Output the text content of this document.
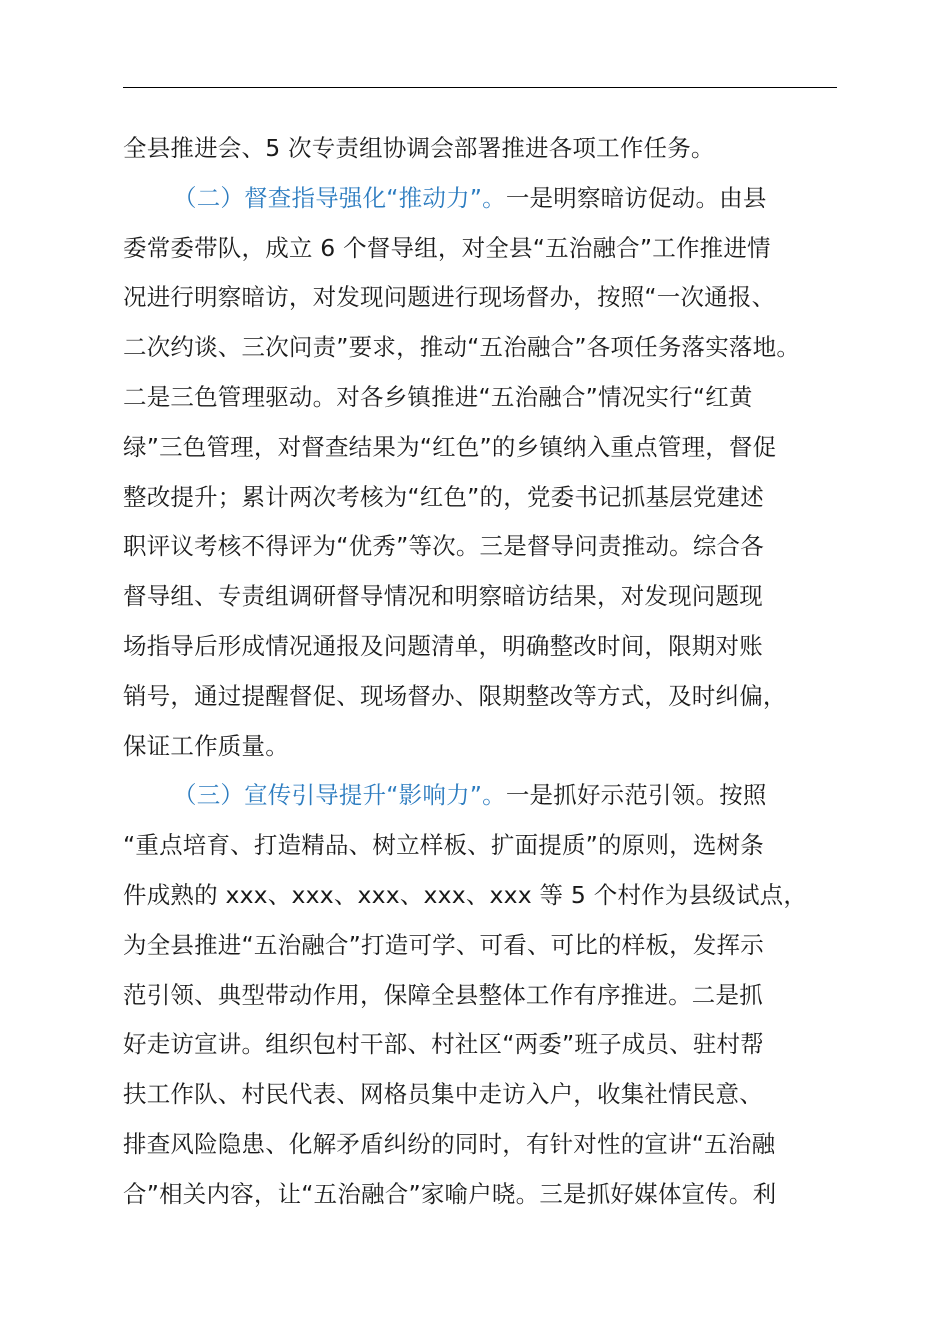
全县推进会、5 次专责组协调会部署推进各项工作任务。
（二）督查指导强化“推动力”。一是明察暗访促动。由县
委常委带队，成立 6 个督导组，对全县“五治融合”工作推进情
况进行明察暗访，对发现问题进行现场督办，按照“一次通报、
二次约谈、三次问责”要求，推动“五治融合”各项任务落实落地。
二是三色管理驱动。对各乡镇推进“五治融合”情况实行“红黄
绿”三色管理，对督查结果为“红色”的乡镇纳入重点管理，督促
整改提升；累计两次考核为“红色”的，党委书记抓基层党建述
职评议考核不得评为“优秀”等次。三是督导问责推动。综合各
督导组、专责组调研督导情况和明察暗访结果，对发现问题现
场指导后形成情况通报及问题清单，明确整改时间，限期对账
销号，通过提醒督促、现场督办、限期整改等方式，及时纠偏，
保证工作质量。
（三）宣传引导提升“影响力”。一是抓好示范引领。按照
“重点培育、打造精品、树立样板、扩面提质”的原则，选树条
件成熟的 xxx、xxx、xxx、xxx、xxx 等 5 个村作为县级试点，
为全县推进“五治融合”打造可学、可看、可比的样板，发挥示
范引领、典型带动作用，保障全县整体工作有序推进。二是抓
好走访宣讲。组织包村干部、村社区“两委”班子成员、驻村帮
扶工作队、村民代表、网格员集中走访入户，收集社情民意、
排查风险隐患、化解矛盾纠纷的同时，有针对性的宣讲“五治融
合”相关内容，让“五治融合”家喻户晓。三是抓好媒体宣传。利
